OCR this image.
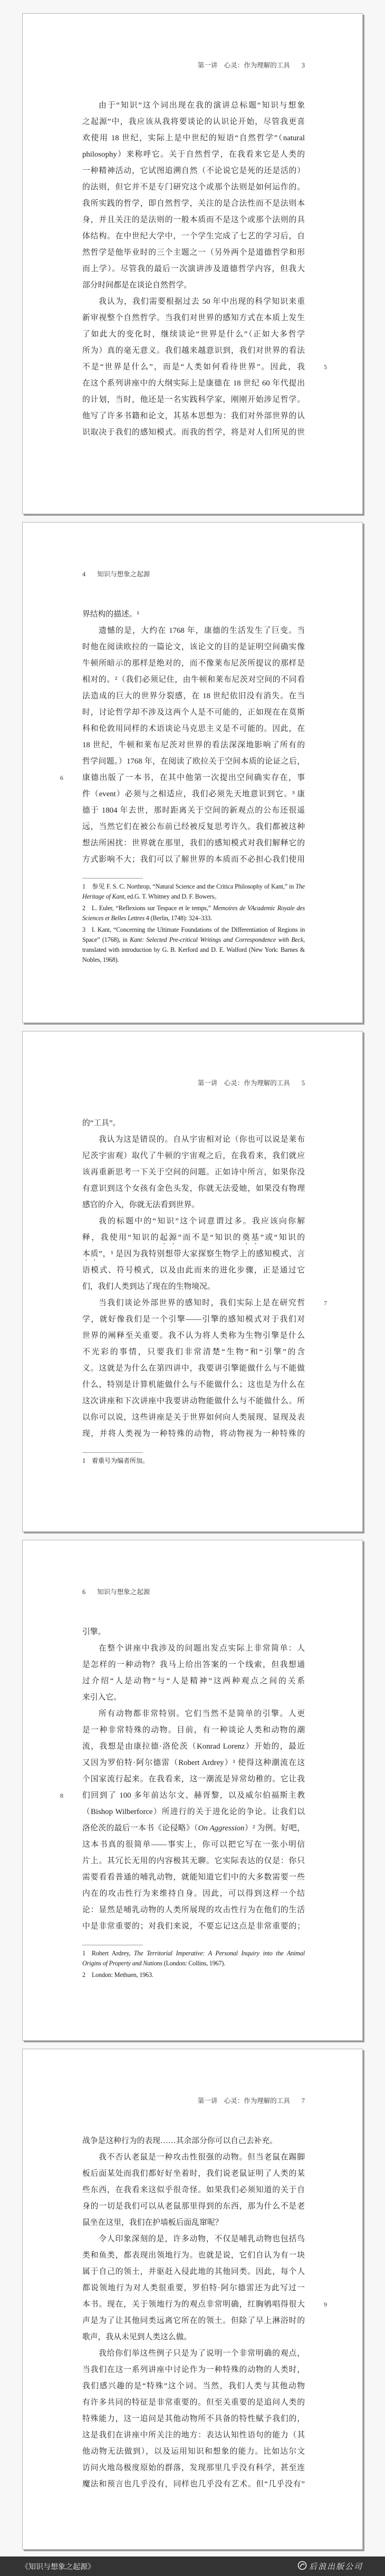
第一讲　心灵：作为理解的工具 3
由于“知识”这个词出现在我的演讲总标题“知识与想象
之起源”中，我应该从我将要谈论的认识论开始，尽管我更喜
欢使用 18 世纪，实际上是中世纪的短语“自然哲学”（natural
philosophy）来称呼它。关于自然哲学，在我看来它是人类的
一种精神活动，它试图追溯自然（不论说它是死的还是活的）
的法则，但它并不是专门研究这个或那个法则是如何运作的。
我所实践的哲学，即自然哲学，关注的是合法性而不是法则本
身，并且关注的是法则的一般本质而不是这个或那个法则的具
体结构。在中世纪大学中，一个学生完成了七艺的学习后，自
然哲学是他毕业时的三个主题之一（另外两个是道德哲学和形
而上学）。尽管我的最后一次演讲涉及道德哲学内容，但我大
部分时间都是在谈论自然哲学。
我认为，我们需要根据过去 50 年中出现的科学知识来重
新审视整个自然哲学。当我们对世界的感知方式在本质上发生
了如此大的变化时，继续谈论“世界是什么”（正如大多哲学
所为）真的毫无意义。我们越来越意识到，我们对世界的看法
不是“世界是什么”，而是“人类如何看待世界”。因此，我	5
在这个系列讲座中的大纲实际上是康德在 18 世纪 60 年代提出
的计划，当时，他还是一名实践科学家，刚刚开始涉足哲学。
他写了许多书籍和论文，其基本思想为：我们对外部世界的认
识取决于我们的感知模式。而我的哲学，将是对人们所见的世
4 知识与想象之起源
界结构的描述。¹
遗憾的是，大约在 1768 年，康德的生活发生了巨变。当
时他在阅读欧拉的一篇论文，该论文的目的是证明空间确实像
牛顿所暗示的那样是绝对的，而不像莱布尼茨所提议的那样是
相对的。²（我们必须记住，由牛顿和莱布尼茨对空间的不同看
法造成的巨大的世界分裂感，在 18 世纪依旧没有消失。在当
时，讨论哲学却不涉及这两个人是不可能的，正如现在在莫斯
科和伦敦用同样的术语谈论马克思主义是不可能的。因此，在
18 世纪，牛顿和莱布尼茨对世界的看法深深地影响了所有的
哲学问题。）1768 年，在阅读了欧拉关于空间本质的论证之后，
康德出版了一本书，在其中他第一次提出空间确实存在，事
6
件（event）必须与之相适应，我们必须先天地意识到它。³ 康
德于 1804 年去世，那时距离关于空间的新观点的公布还很遥
远，当然它们在被公布前已经被反复思考许久。我们都被这种
想法所困扰：世界就在那里，我们的感知模式对我们解释它的
方式影响不大；我们可以了解世界的本质而不必担心我们使用
1 参见 F. S. C. Northrop, “Natural Science and the Critica Philosophy of Kant,” in The Heritage of Kant, ed.G. T. Whitney and D. F. Bowers。
2 L. Euler, “Reflexions sur Tespace et le temps,” Memoires de VAcademic Royale des Sciences et Belles Lettres 4 (Berlin, 1748): 324–333.
3 I. Kant, “Concerning the Ultimate Foundations of the Differentiation of Regions in Space” (1768), in Kant: Selected Pre-critical Writings and Correspondence with Beck, translated with introduction by G. B. Kerford and D. E. Walford (New York: Barnes & Nobles, 1968).
第一讲　心灵：作为理解的工具 5
的“工具”。
我认为这是错误的。自从宇宙相对论（你也可以说是莱布
尼茨宇宙观）取代了牛顿的宇宙观之后，在我看来，我们就应
该再重新思考一下关于空间的问题。正如诗中所言，如果你没
有意识到这个女孩有金色头发，你就无法爱她，如果没有物理
感官的介入，你就无法看到世界。
我的标题中的“知识”这个词意谓过多。我应该向你解
释，我使用“知识的起源”而不是“知识的奠基”或“知识的
本质”，¹ 是因为我特别想带大家探察生物学上的感知模式、言
语模式、符号模式，以及由此而来的进化步骤，正是通过它
们，我们人类到达了现在的生物境况。
当我们谈论外部世界的感知时，我们实际上是在研究哲	7
学，就好像我们是一个引擎——引擎的感知模式对于我们对
世界的阐释至关重要。我不认为将人类称为生物引擎是什么
不光彩的事情，只要我们非常清楚“生物”和“引擎”的含
义。这就是为什么在第四讲中，我要讲引擎能做什么与不能做
什么，特别是计算机能做什么与不能做什么；这也是为什么在
这次讲座和下次讲座中我要讲动物能做什么与不能做什么。所
以你可以说，这些讲座是关于世界如何向人类展现、显现及表
现，并将人类视为一种特殊的动物，将动物视为一种特殊的
1 着重号为编者所加。
6 知识与想象之起源
引擎。
在整个讲座中我涉及的问题出发点实际上非常简单：人
是怎样的一种动物？我马上给出答案的一个线索，但我想通
过介绍“人是动物”与“人是精神”这两种观点之间的关系
来引入它。
所有动物都非常特别。它们当然不是简单的引擎。人更
是一种非常特殊的动物。目前，有一种谈论人类和动物的潮
流，我想是由康拉德·洛伦茨（Konrad Lorenz）开始的，最近
又因为罗伯特·阿尔德雷（Robert Ardrey）¹ 使得这种潮流在这
个国家流行起来。在我看来，这一潮流是异常幼稚的。它让我
们回到了 100 多年前达尔文、赫胥黎，以及威尔伯福斯主教
8
（Bishop Wilberforce）所进行的关于进化论的争论。让我们以
洛伦茨的最后一本书《论侵略》（On Aggression）² 为例。好吧，
这本书真的很简单——事实上，你可以把它写在一张小明信
片上。其冗长无用的内容极其无聊。它实际表达的仅是：你只
需要看看普通的哺乳动物，就能知道它们中的大多数需要一些
内在的攻击性行为来维持自身。因此，可以得到这样一个结
论：显然是哺乳动物的人类所展现的攻击性行为在他们的生活
中是非常重要的；对我们来说，不要忘记这点是非常重要的；
1 Robert Ardrey, The Territorial Imperative: A Personal Inquiry into the Animal Origins of Property and Nations (London: Collins, 1967).
2 London: Methuen, 1963.
第一讲　心灵：作为理解的工具 7
战争是这种行为的表现……其余部分你可以自己去补充。
我不否认老鼠是一种攻击性很强的动物。但当老鼠在踢脚
板后面某处而我们都好好坐着时，我们说老鼠证明了人类的某
些东西，在我看来这似乎很奇怪。如果我们必须知道的关于自
身的一切是我们可以从老鼠那里得到的东西，那为什么不是老
鼠坐在这里，我们在护墙板后面乱窜呢？
令人印象深刻的是，许多动物，不仅是哺乳动物也包括鸟
类和鱼类，都表现出领地行为。也就是说，它们自认为有一块
属于自己的领土，并驱赶入侵此地的其他同类。因此，每个人
都说领地行为对人类很重要，罗伯特·阿尔德雷还为此写过一
本书。现在，关于领地行为的观点非常明确，红胸鸲唱得很大	9
声是为了让其他同类远离它所在的领土。但除了早上淋浴时的
歌声，我从未见到人类这么做。
我给你们举这些例子只是为了说明一个非常明确的观点，
当我们在这一系列讲座中讨论作为一种特殊的动物的人类时，
我们感兴趣的是“特殊”这个词。当然，我们人类与其他动物
有许多共同的特征是非常重要的。但至关重要的是追问人类的
特殊能力，这一追问是其他动物所不具备的特性赋予我们的，
这是我们在讲座中所关注的地方：表达认知性语句的能力（其
他动物无法做到），以及运用知识和想象的能力。比如达尔文
访问火地岛极度原始的群落，发现那里几乎没有科学，甚至连
魔法和预言也几乎没有，同样也几乎没有艺术。但“几乎没有”
《知识与想象之起源》	后浪出版公司
